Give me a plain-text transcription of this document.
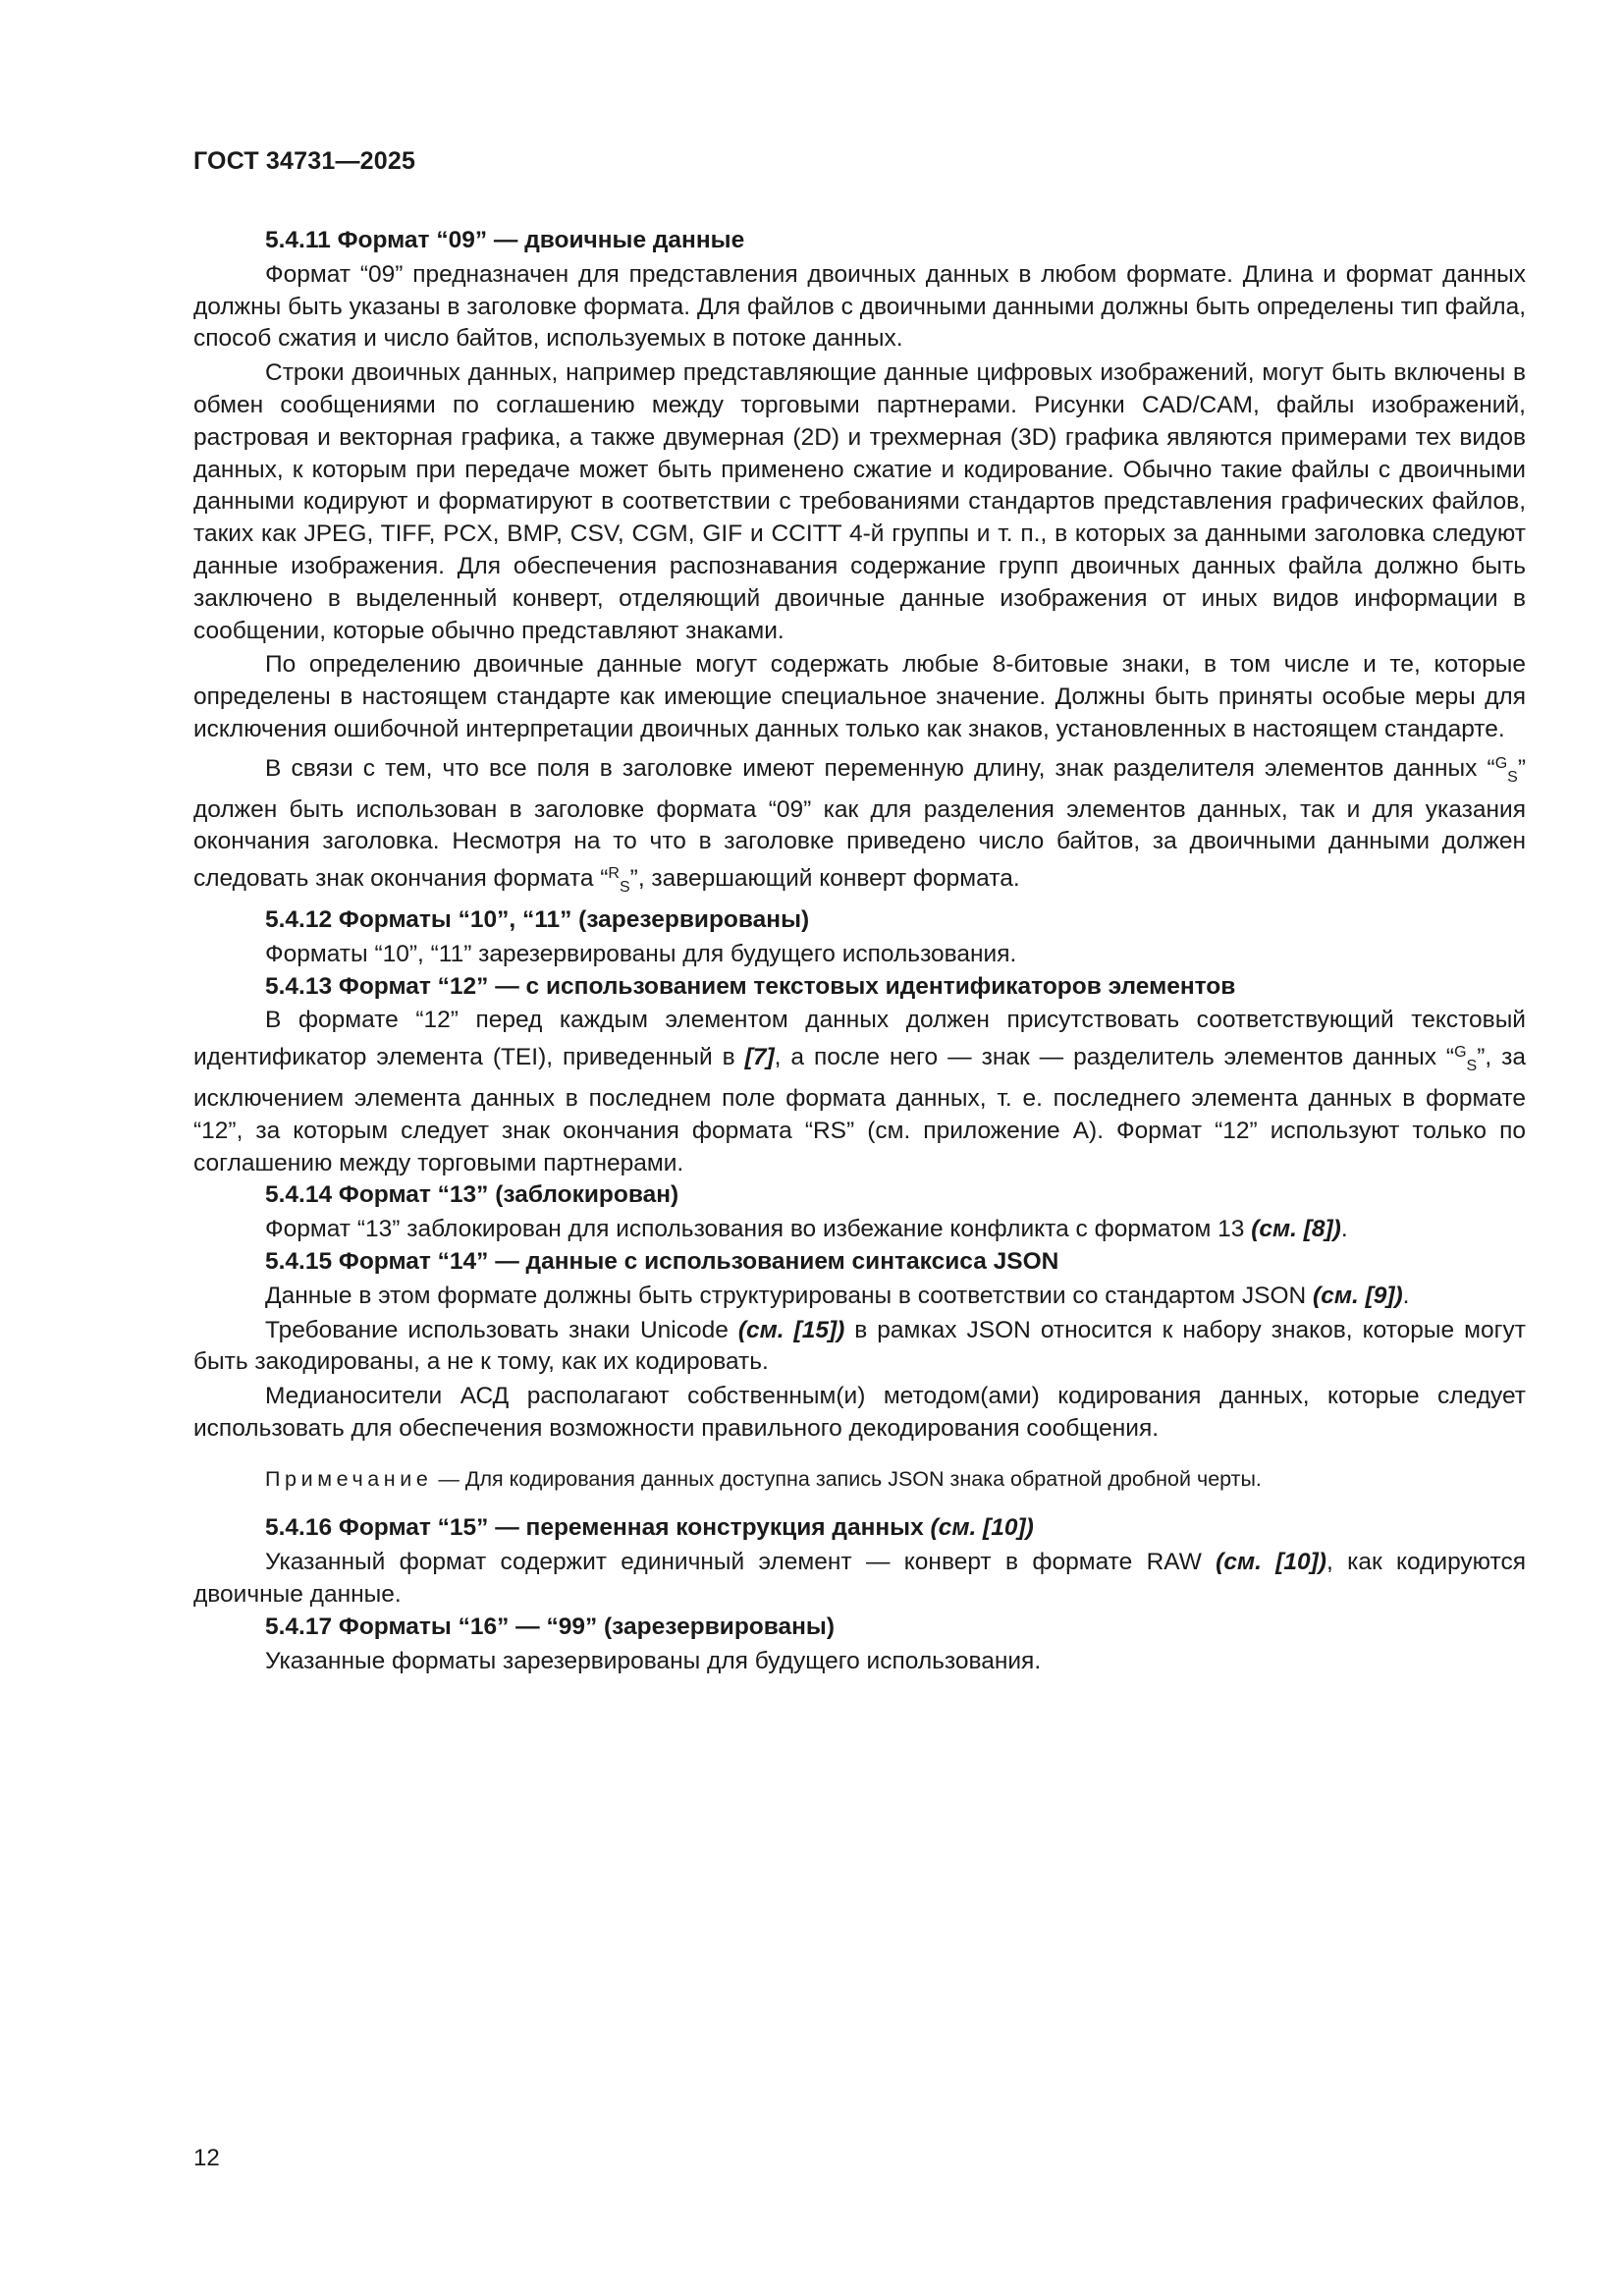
ГОСТ 34731—2025
5.4.11 Формат “09” — двоичные данные
Формат “09” предназначен для представления двоичных данных в любом формате. Длина и формат данных должны быть указаны в заголовке формата. Для файлов с двоичными данными должны быть определены тип файла, способ сжатия и число байтов, используемых в потоке данных.
Строки двоичных данных, например представляющие данные цифровых изображений, могут быть включены в обмен сообщениями по соглашению между торговыми партнерами. Рисунки CAD/CAM, файлы изображений, растровая и векторная графика, а также двумерная (2D) и трехмерная (3D) графика являются примерами тех видов данных, к которым при передаче может быть применено сжатие и кодирование. Обычно такие файлы с двоичными данными кодируют и форматируют в соответствии с требованиями стандартов представления графических файлов, таких как JPEG, TIFF, PCX, BMP, CSV, CGM, GIF и CCITT 4-й группы и т. п., в которых за данными заголовка следуют данные изображения. Для обеспечения распознавания содержание групп двоичных данных файла должно быть заключено в выделенный конверт, отделяющий двоичные данные изображения от иных видов информации в сообщении, которые обычно представляют знаками.
По определению двоичные данные могут содержать любые 8-битовые знаки, в том числе и те, которые определены в настоящем стандарте как имеющие специальное значение. Должны быть приняты особые меры для исключения ошибочной интерпретации двоичных данных только как знаков, установленных в настоящем стандарте.
В связи с тем, что все поля в заголовке имеют переменную длину, знак разделителя элементов данных “GS” должен быть использован в заголовке формата “09” как для разделения элементов данных, так и для указания окончания заголовка. Несмотря на то что в заголовке приведено число байтов, за двоичными данными должен следовать знак окончания формата “RS”, завершающий конверт формата.
5.4.12 Форматы “10”, “11” (зарезервированы)
Форматы “10”, “11” зарезервированы для будущего использования.
5.4.13 Формат “12” — с использованием текстовых идентификаторов элементов
В формате “12” перед каждым элементом данных должен присутствовать соответствующий текстовый идентификатор элемента (TEI), приведенный в [7], а после него — знак — разделитель элементов данных “GS”, за исключением элемента данных в последнем поле формата данных, т. е. последнего элемента данных в формате “12”, за которым следует знак окончания формата “RS” (см. приложение А). Формат “12” используют только по соглашению между торговыми партнерами.
5.4.14 Формат “13” (заблокирован)
Формат “13” заблокирован для использования во избежание конфликта с форматом 13 (см. [8]).
5.4.15 Формат “14” — данные с использованием синтаксиса JSON
Данные в этом формате должны быть структурированы в соответствии со стандартом JSON (см. [9]).
Требование использовать знаки Unicode (см. [15]) в рамках JSON относится к набору знаков, которые могут быть закодированы, а не к тому, как их кодировать.
Медианосители АСД располагают собственным(и) методом(ами) кодирования данных, которые следует использовать для обеспечения возможности правильного декодирования сообщения.
Примечание — Для кодирования данных доступна запись JSON знака обратной дробной черты.
5.4.16 Формат “15” — переменная конструкция данных (см. [10])
Указанный формат содержит единичный элемент — конверт в формате RAW (см. [10]), как кодируются двоичные данные.
5.4.17 Форматы “16” — “99” (зарезервированы)
Указанные форматы зарезервированы для будущего использования.
12
